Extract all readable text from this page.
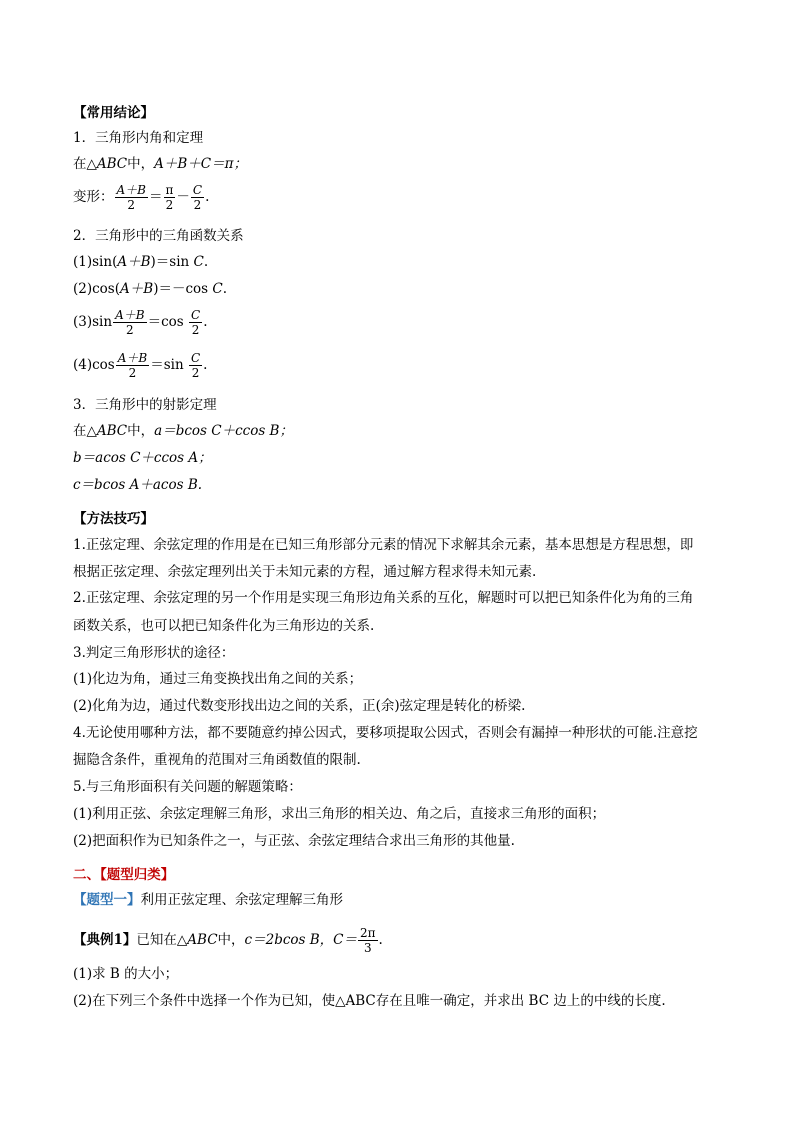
【常用结论】
1．三角形内角和定理
在△ABC中，A＋B＋C＝π；
变形： $\frac{A+B}{2} = \frac{\pi}{2} - \frac{C}{2}$ .
2．三角形中的三角函数关系
(1)sin(A＋B)＝sin C.
(2)cos(A＋B)＝－cos C.
$(3)\sin \frac{A+B}{2} =\cos \frac{C}{2}$ .
$(4)\cos \frac{A+B}{2} =\sin \frac{C}{2}$ .
3．三角形中的射影定理
在△ABC中，a＝bcos C＋ccos B；
b＝acos C＋ccos A；
c＝bcos A＋acos B.
【方法技巧】
1.正弦定理、余弦定理的作用是在已知三角形部分元素的情况下求解其余元素，基本思想是方程思想，即
根据正弦定理、余弦定理列出关于未知元素的方程，通过解方程求得未知元素.
2.正弦定理、余弦定理的另一个作用是实现三角形边角关系的互化，解题时可以把已知条件化为角的三角
函数关系，也可以把已知条件化为三角形边的关系.
3.判定三角形形状的途径：
(1)化边为角，通过三角变换找出角之间的关系；
(2)化角为边，通过代数变形找出边之间的关系，正(余)弦定理是转化的桥梁.
4.无论使用哪种方法，都不要随意约掉公因式，要移项提取公因式，否则会有漏掉一种形状的可能.注意挖
掘隐含条件，重视角的范围对三角函数值的限制.
5.与三角形面积有关问题的解题策略：
(1)利用正弦、余弦定理解三角形，求出三角形的相关边、角之后，直接求三角形的面积；
(2)把面积作为已知条件之一，与正弦、余弦定理结合求出三角形的其他量.
二、【题型归类】
【题型一】利用正弦定理、余弦定理解三角形
【典例1】已知在△ABC中，c＝2bcos B，$C= \frac{2\pi}{3}$ .
(1)求 B 的大小；
(2)在下列三个条件中选择一个作为已知，使△ABC存在且唯一确定，并求出 BC 边上的中线的长度.
